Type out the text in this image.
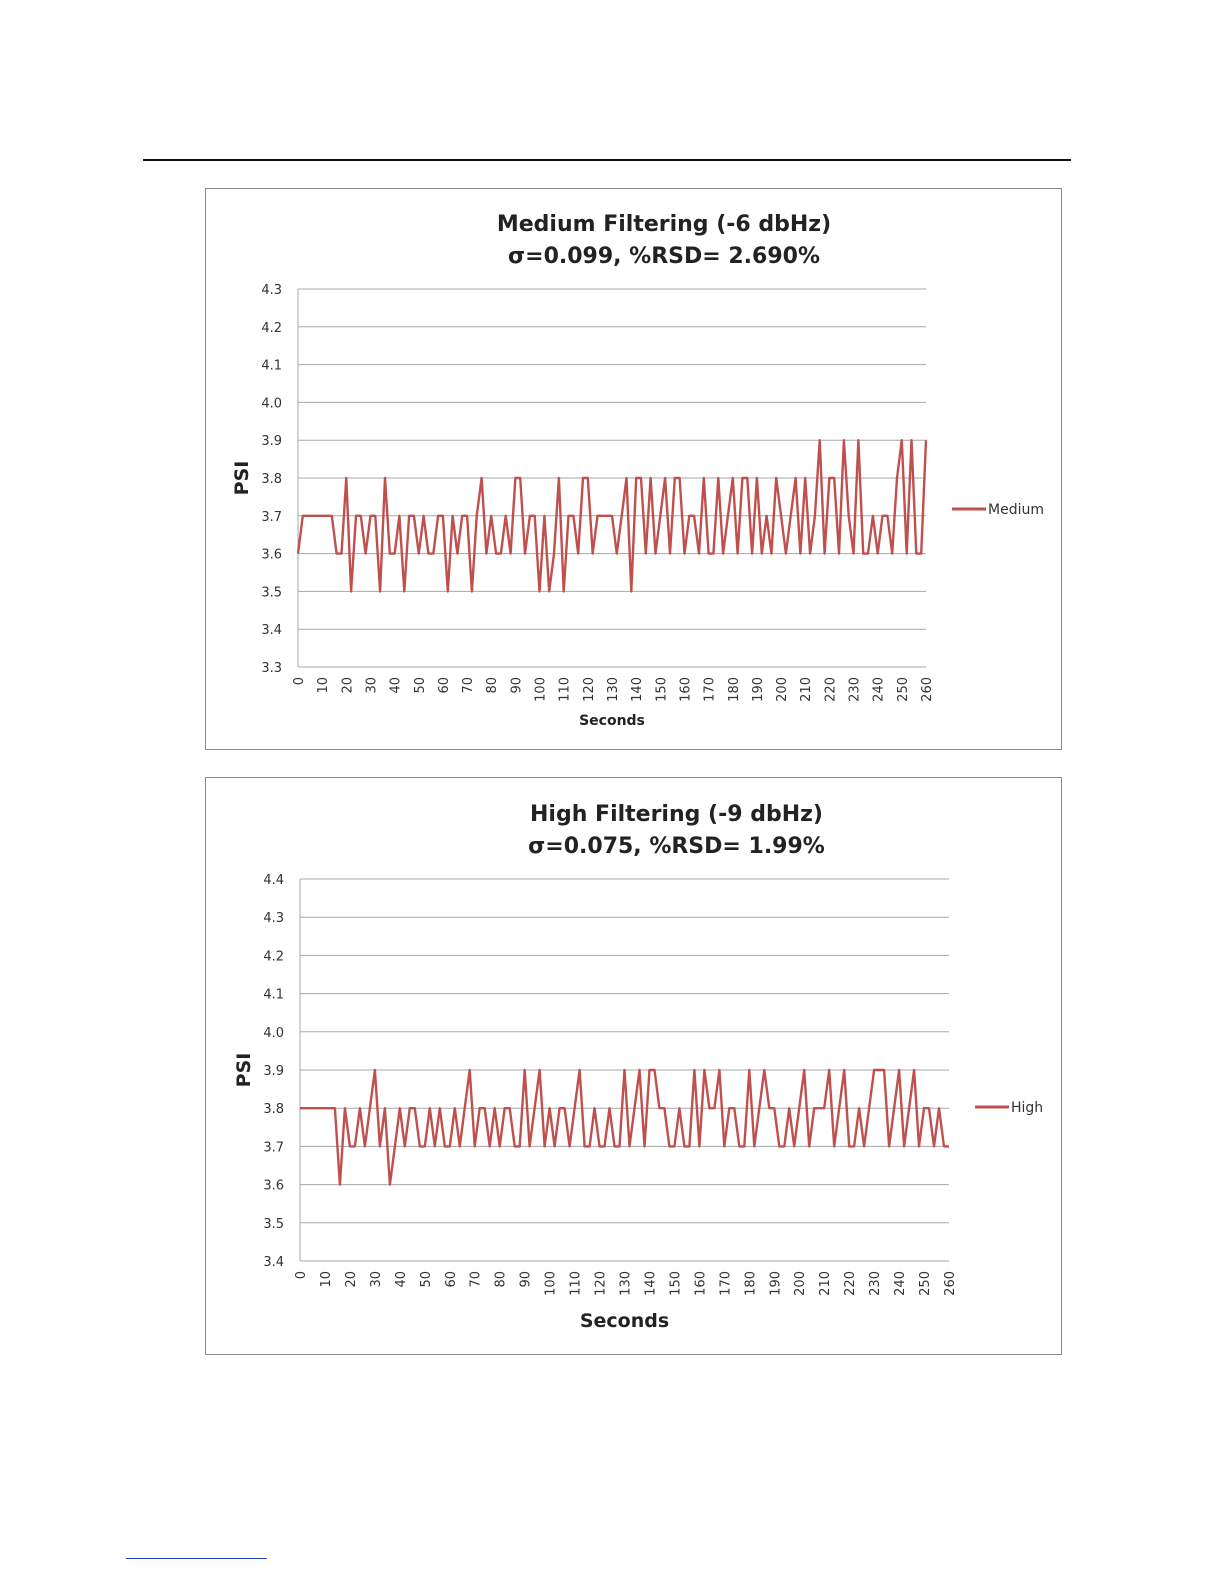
Medium Filtering (-6 dbHz)
σ=0.099, %RSD= 2.690%
3.3
3.4
3.5
3.6
3.7
3.8
3.9
4.0
4.1
4.2
4.3
0 10 20 30 40 50 60 70 80 90 100 110 120 130 140 150 160 170 180 190 200 210 220 230 240 250 260
Seconds
PSI
Medium
High Filtering (-9 dbHz)
σ=0.075, %RSD= 1.99%
3.4
3.5
3.6
3.7
3.8
3.9
4.0
4.1
4.2
4.3
4.4
0 10 20 30 40 50 60 70 80 90 100 110 120 130 140 150 160 170 180 190 200 210 220 230 240 250 260
Seconds
PSI
High
